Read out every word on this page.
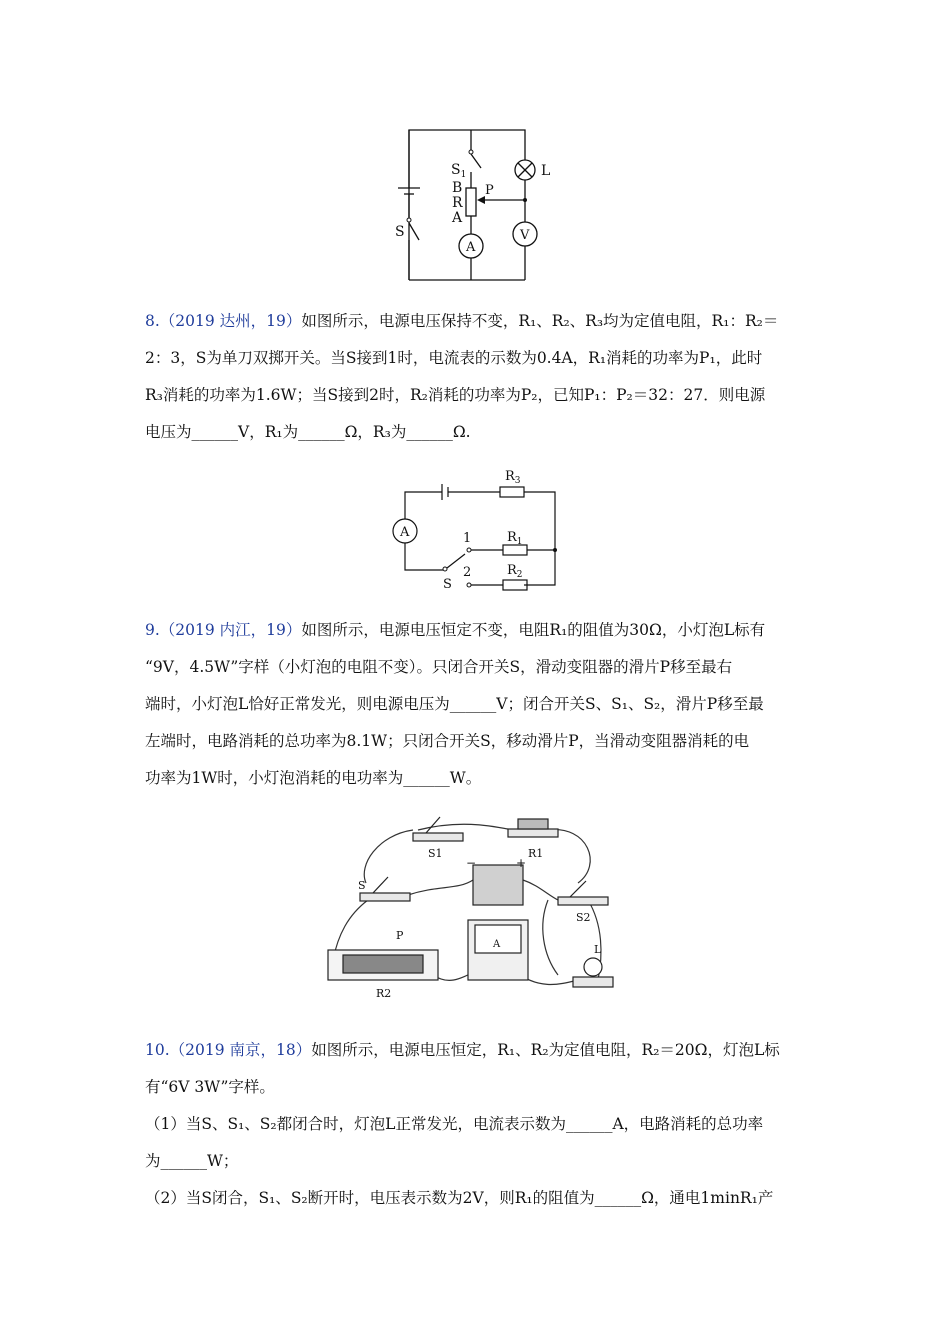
$S_1$
B
R
A
P
L
S
A
V

8.（2019 达州，19）如图所示，电源电压保持不变，R₁、R₂、R₃均为定值电阻，R₁：R₂＝

2：3，S为单刀双掷开关。当S接到1时，电流表的示数为0.4A，R₁消耗的功率为P₁，此时

R₃消耗的功率为1.6W；当S接到2时，R₂消耗的功率为P₂，已知P₁：P₂＝32：27．则电源

电压为______V，R₁为______Ω，R₃为______Ω.

$R_3$
$R_1$
$R_2$
1
2
S
A

9.（2019 内江，19）如图所示，电源电压恒定不变，电阻R₁的阻值为30Ω，小灯泡L标有

“9V，4.5W”字样（小灯泡的电阻不变）。只闭合开关S，滑动变阻器的滑片P移至最右

端时，小灯泡L恰好正常发光，则电源电压为______V；闭合开关S、S₁、S₂，滑片P移至最

左端时，电路消耗的总功率为8.1W；只闭合开关S，移动滑片P，当滑动变阻器消耗的电

功率为1W时，小灯泡消耗的电功率为______W。

S1	R1
S
S2
P
R2
L
−	+
A

10.（2019 南京，18）如图所示，电源电压恒定，R₁、R₂为定值电阻，R₂＝20Ω，灯泡L标

有“6V 3W”字样。

（1）当S、S₁、S₂都闭合时，灯泡L正常发光，电流表示数为______A，电路消耗的总功率

为______W；

（2）当S闭合，S₁、S₂断开时，电压表示数为2V，则R₁的阻值为______Ω，通电1minR₁产
